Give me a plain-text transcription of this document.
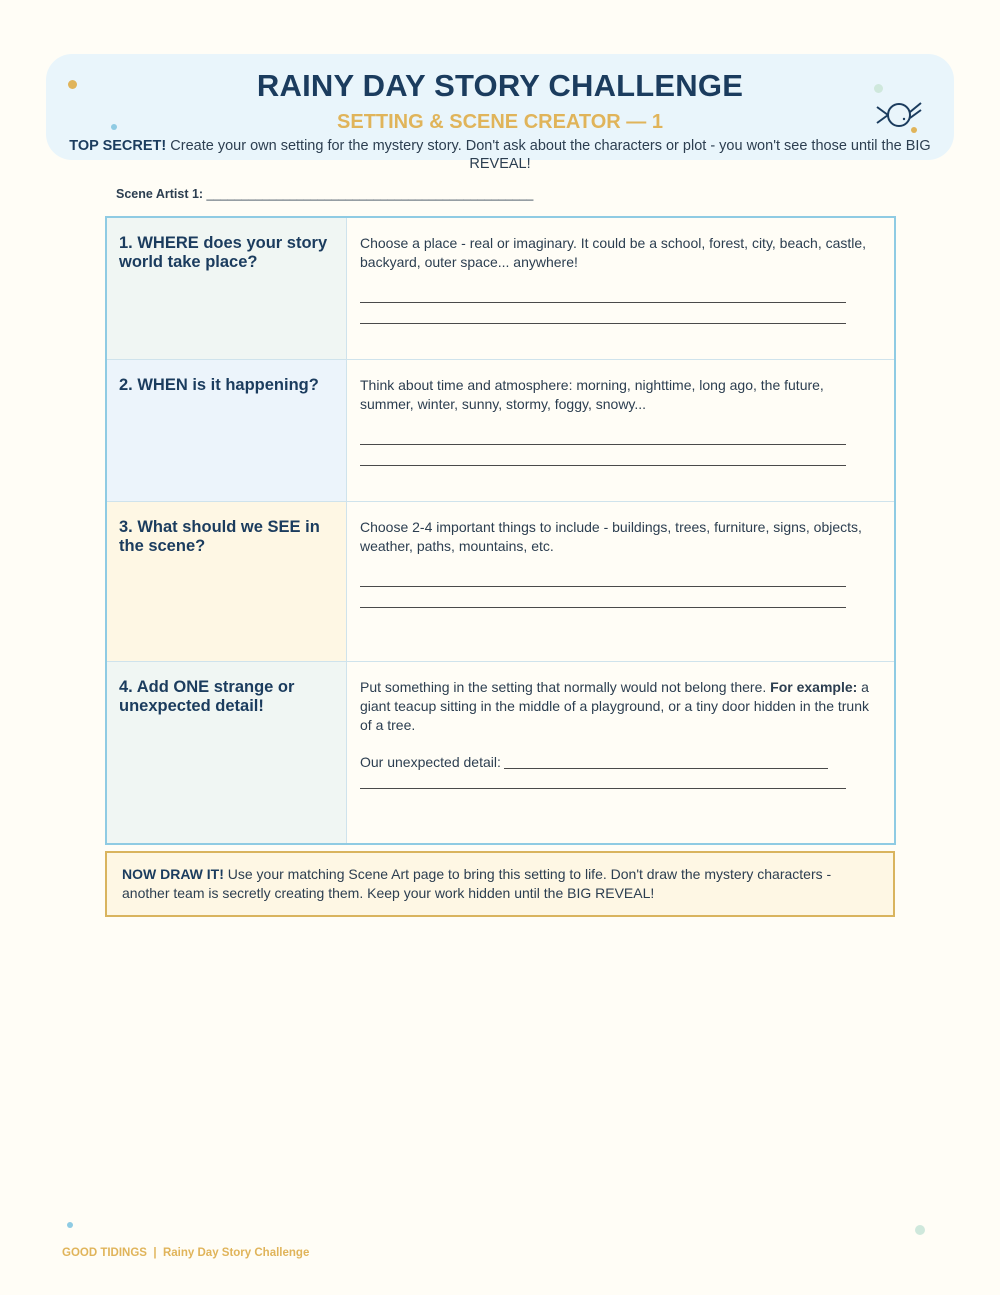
RAINY DAY STORY CHALLENGE
SETTING & SCENE CREATOR — 1
TOP SECRET! Create your own setting for the mystery story. Don't ask about the characters or plot - you won't see those until the BIG REVEAL!
Scene Artist 1: _______________________________________________
1. WHERE does your story world take place?
Choose a place - real or imaginary. It could be a school, forest, city, beach, castle, backyard, outer space... anywhere!
2. WHEN is it happening?	Think about time and atmosphere: morning, nighttime, long ago, the future, summer, winter, sunny, stormy, foggy, snowy...
3. What should we SEE in the scene?
Choose 2-4 important things to include - buildings, trees, furniture, signs, objects, weather, paths, mountains, etc.
4. Add ONE strange or unexpected detail!
Put something in the setting that normally would not belong there. For example: a giant teacup sitting in the middle of a playground, or a tiny door hidden in the trunk of a tree.
Our unexpected detail:
NOW DRAW IT! Use your matching Scene Art page to bring this setting to life. Don't draw the mystery characters - another team is secretly creating them. Keep your work hidden until the BIG REVEAL!
GOOD TIDINGS | Rainy Day Story Challenge
